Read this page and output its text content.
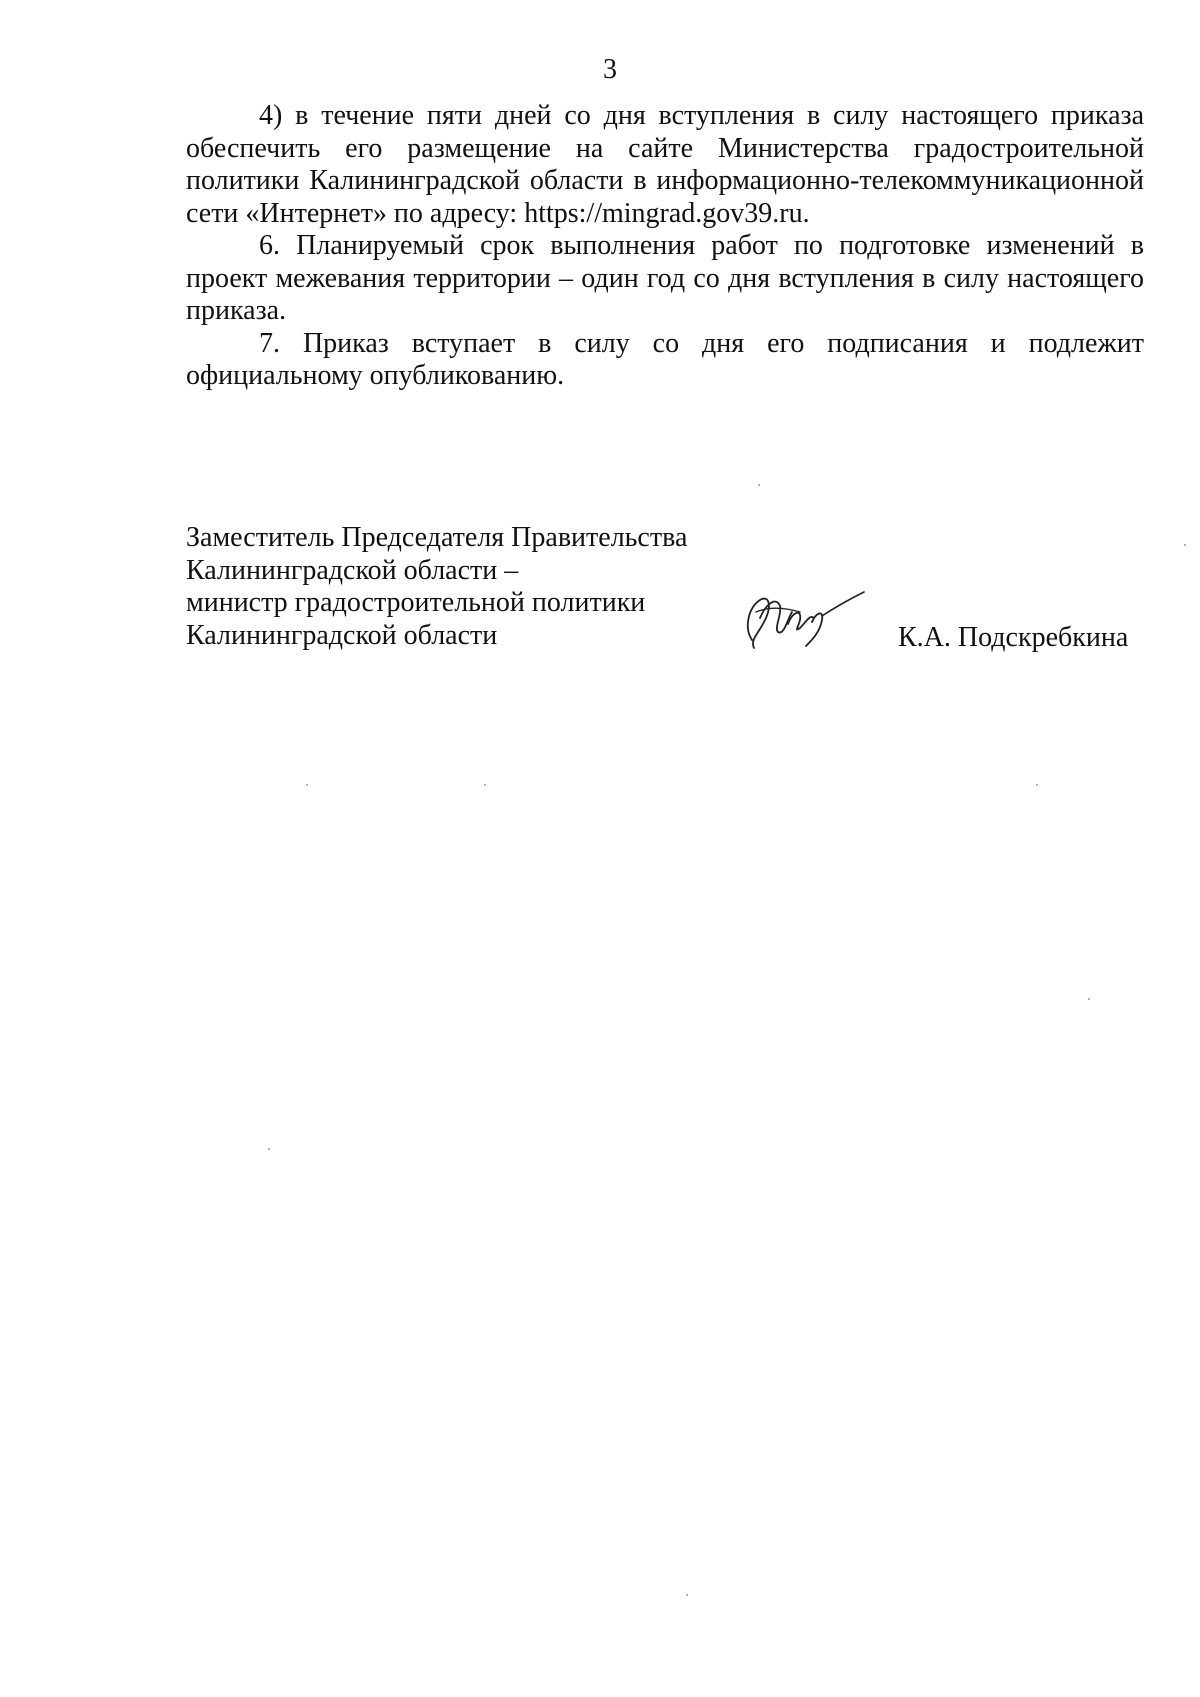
3

4) в течение пяти дней со дня вступления в силу настоящего приказа обеспечить его размещение на сайте Министерства градостроительной политики Калининградской области в информационно-телекоммуникационной сети «Интернет» по адресу: https://mingrad.gov39.ru.

6. Планируемый срок выполнения работ по подготовке изменений в проект межевания территории – один год со дня вступления в силу настоящего приказа.

7. Приказ вступает в силу со дня его подписания и подлежит официальному опубликованию.

Заместитель Председателя Правительства
Калининградской области –
министр градостроительной политики
Калининградской области	К.А. Подскребкина
